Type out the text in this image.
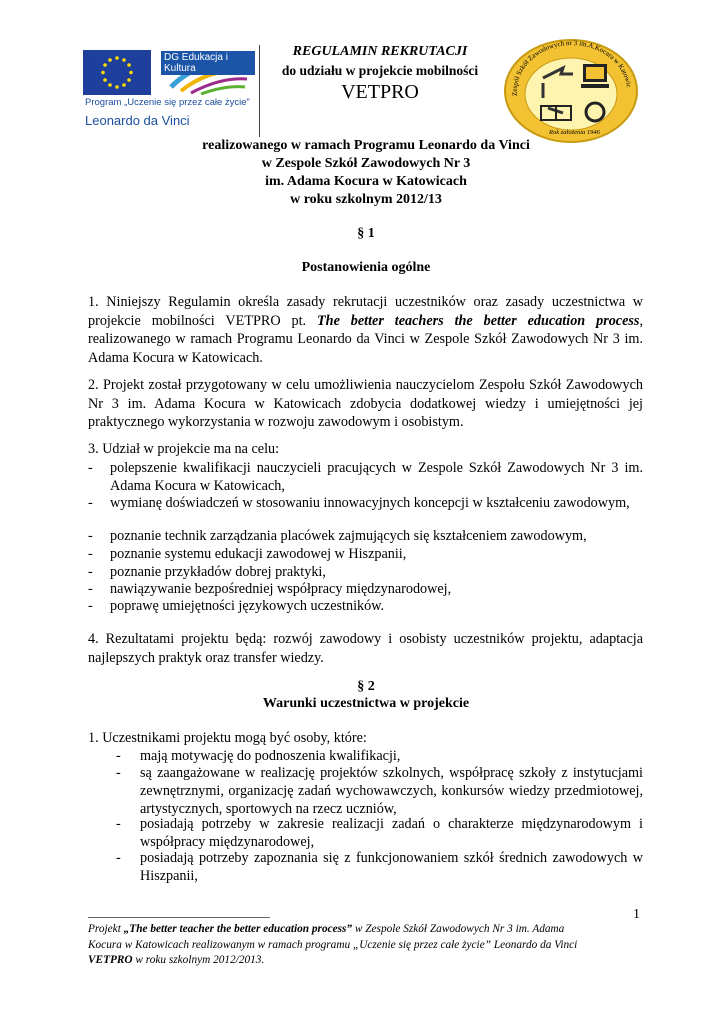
DG Edukacja i Kultura
Program „Uczenie się przez całe życie”
Leonardo da Vinci
REGULAMIN REKRUTACJI
do udziału w projekcie mobilności
VETPRO	Zespół Szkół Zawodowych nr 3 im.A.Kocura w Katowic
Rok założenia 1946
realizowanego w ramach Programu Leonardo da Vinci
w Zespole Szkół Zawodowych Nr 3
im. Adama Kocura w Katowicach
w roku szkolnym 2012/13
§ 1
Postanowienia ogólne
1. Niniejszy Regulamin określa zasady rekrutacji uczestników oraz zasady uczestnictwa w projekcie mobilności VETPRO pt. The better teachers the better education process, realizowanego w ramach Programu Leonardo da Vinci w Zespole Szkół Zawodowych Nr 3 im. Adama Kocura w Katowicach.
2. Projekt został przygotowany w celu umożliwienia nauczycielom Zespołu Szkół Zawodowych Nr 3 im. Adama Kocura w Katowicach zdobycia dodatkowej wiedzy i umiejętności jej praktycznego wykorzystania w rozwoju zawodowym i osobistym.
3. Udział w projekcie ma na celu:
- polepszenie kwalifikacji nauczycieli pracujących w Zespole Szkół Zawodowych Nr 3 im. Adama Kocura w Katowicach,
- wymianę doświadczeń w stosowaniu innowacyjnych koncepcji w kształceniu zawodowym,
- poznanie technik zarządzania placówek zajmujących się kształceniem zawodowym,
- poznanie systemu edukacji zawodowej w Hiszpanii,
- poznanie przykładów dobrej praktyki,
- nawiązywanie bezpośredniej współpracy międzynarodowej,
- poprawę umiejętności językowych uczestników.
4. Rezultatami projektu będą: rozwój zawodowy i osobisty uczestników projektu, adaptacja najlepszych praktyk oraz transfer wiedzy.
§ 2
Warunki uczestnictwa w projekcie
1. Uczestnikami projektu mogą być osoby, które:
- mają motywację do podnoszenia kwalifikacji,
- są zaangażowane w realizację projektów szkolnych, współpracę szkoły z instytucjami zewnętrznymi, organizację zadań wychowawczych, konkursów wiedzy przedmiotowej, artystycznych, sportowych na rzecz uczniów,
- posiadają potrzeby w zakresie realizacji zadań o charakterze międzynarodowym i współpracy międzynarodowej,
- posiadają potrzeby zapoznania się z funkcjonowaniem szkół średnich zawodowych w Hiszpanii,
1
Projekt „The better teacher the better education process” w Zespole Szkół Zawodowych Nr 3 im. Adama
Kocura w Katowicach realizowanym w ramach programu „Uczenie się przez całe życie” Leonardo da Vinci
VETPRO w roku szkolnym 2012/2013.
